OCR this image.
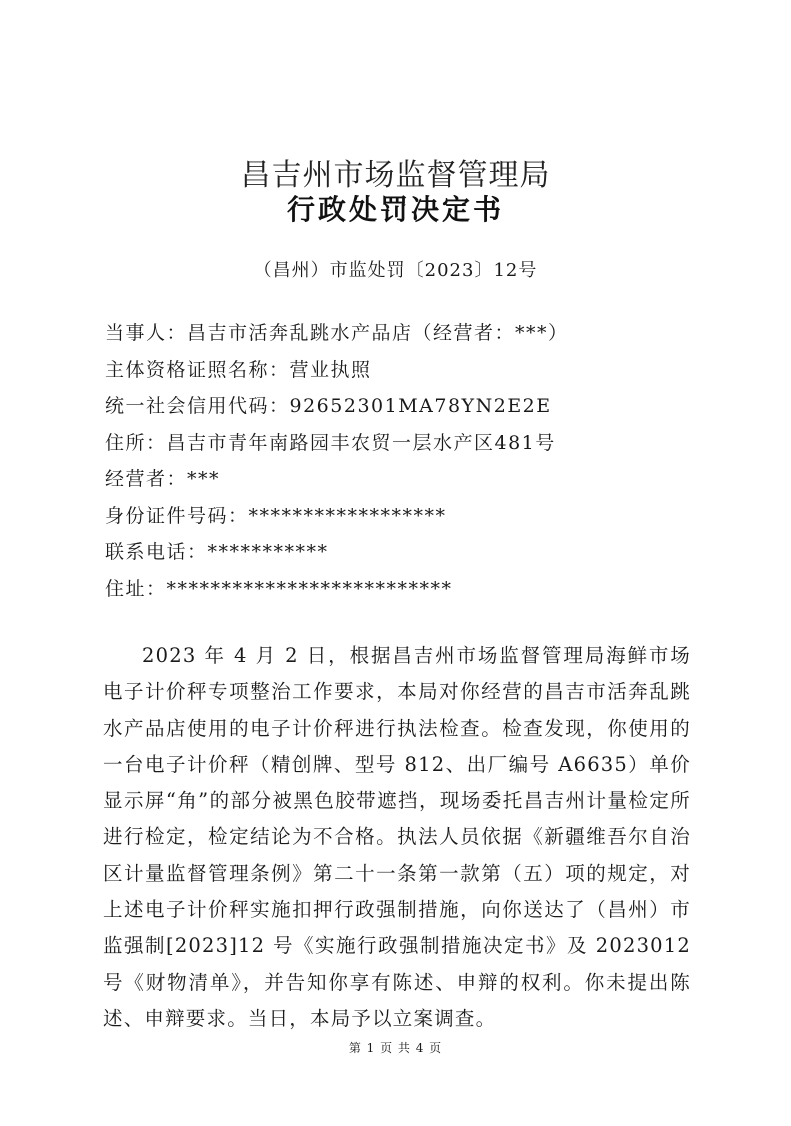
昌吉州市场监督管理局
行政处罚决定书
（昌州）市监处罚〔2023〕12号
当事人：昌吉市活奔乱跳水产品店（经营者：***）
主体资格证照名称：营业执照
统一社会信用代码：92652301MA78YN2E2E
住所：昌吉市青年南路园丰农贸一层水产区481号
经营者：***
身份证件号码：******************
联系电话：***********
住址：**************************
2023 年 4 月 2 日，根据昌吉州市场监督管理局海鲜市场电子计价秤专项整治工作要求，本局对你经营的昌吉市活奔乱跳水产品店使用的电子计价秤进行执法检查。检查发现，你使用的一台电子计价秤（精创牌、型号 812、出厂编号 A6635）单价显示屏“角”的部分被黑色胶带遮挡，现场委托昌吉州计量检定所进行检定，检定结论为不合格。执法人员依据《新疆维吾尔自治区计量监督管理条例》第二十一条第一款第（五）项的规定，对上述电子计价秤实施扣押行政强制措施，向你送达了（昌州）市监强制[2023]12 号《实施行政强制措施决定书》及 2023012 号《财物清单》，并告知你享有陈述、申辩的权利。你未提出陈述、申辩要求。当日，本局予以立案调查。
第 1 页 共 4 页
